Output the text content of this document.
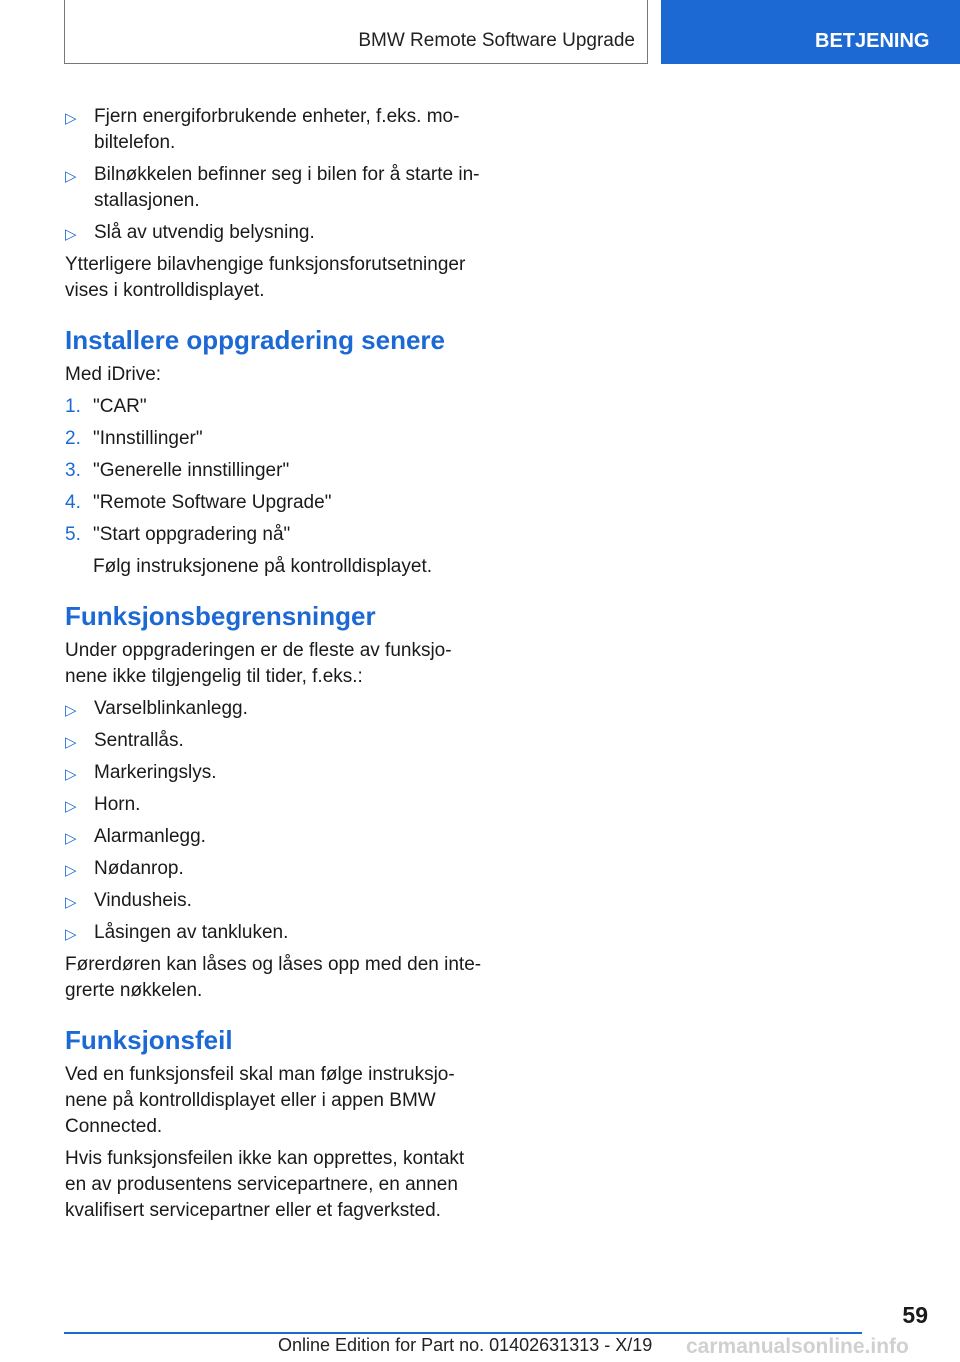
BMW Remote Software Upgrade	BETJENING
▷ Fjern energiforbrukende enheter, f.eks. mobiltelefon.
▷ Bilnøkkelen befinner seg i bilen for å starte installasjonen.
▷ Slå av utvendig belysning.

Ytterligere bilavhengige funksjonsforutsetninger vises i kontrolldisplayet.

Installere oppgradering senere

Med iDrive:

1. "CAR"
2. "Innstillinger"
3. "Generelle innstillinger"
4. "Remote Software Upgrade"
5. "Start oppgradering nå"
Følg instruksjonene på kontrolldisplayet.
Funksjonsbegrensninger

Under oppgraderingen er de fleste av funksjonene ikke tilgjengelig til tider, f.eks.:

▷ Varselblinkanlegg.
▷ Sentrallås.
▷ Markeringslys.
▷ Horn.
▷ Alarmanlegg.
▷ Nødanrop.
▷ Vindusheis.
▷ Låsingen av tankluken.

Førerdøren kan låses og låses opp med den integrerte nøkkelen.

Funksjonsfeil

Ved en funksjonsfeil skal man følge instruksjonene på kontrolldisplayet eller i appen BMW Connected.

Hvis funksjonsfeilen ikke kan opprettes, kontakt en av produsentens servicepartnere, en annen kvalifisert servicepartner eller et fagverksted.

59
Online Edition for Part no. 01402631313 - X/19 carmanualsonline.info
